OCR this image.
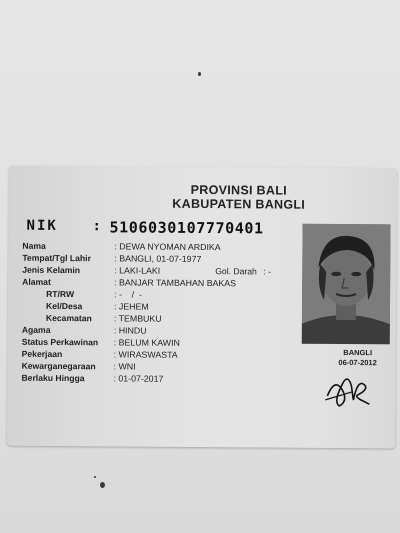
PROVINSI BALI
KABUPATEN BANGLI
NIK : 5106030107770401
Nama	: DEWA NYOMAN ARDIKA
Tempat/Tgl Lahir	: BANGLI, 01-07-1977
Jenis Kelamin	: LAKI-LAKI	Gol. Darah : -
Alamat	: BANJAR TAMBAHAN BAKAS
RT/RW	: -    /  -
Kel/Desa	: JEHEM
Kecamatan	: TEMBUKU
Agama	: HINDU
Status Perkawinan : BELUM KAWIN
Pekerjaan	: WIRASWASTA
Kewarganegaraan : WNI
Berlaku Hingga	: 01-07-2017
BANGLI
06-07-2012
